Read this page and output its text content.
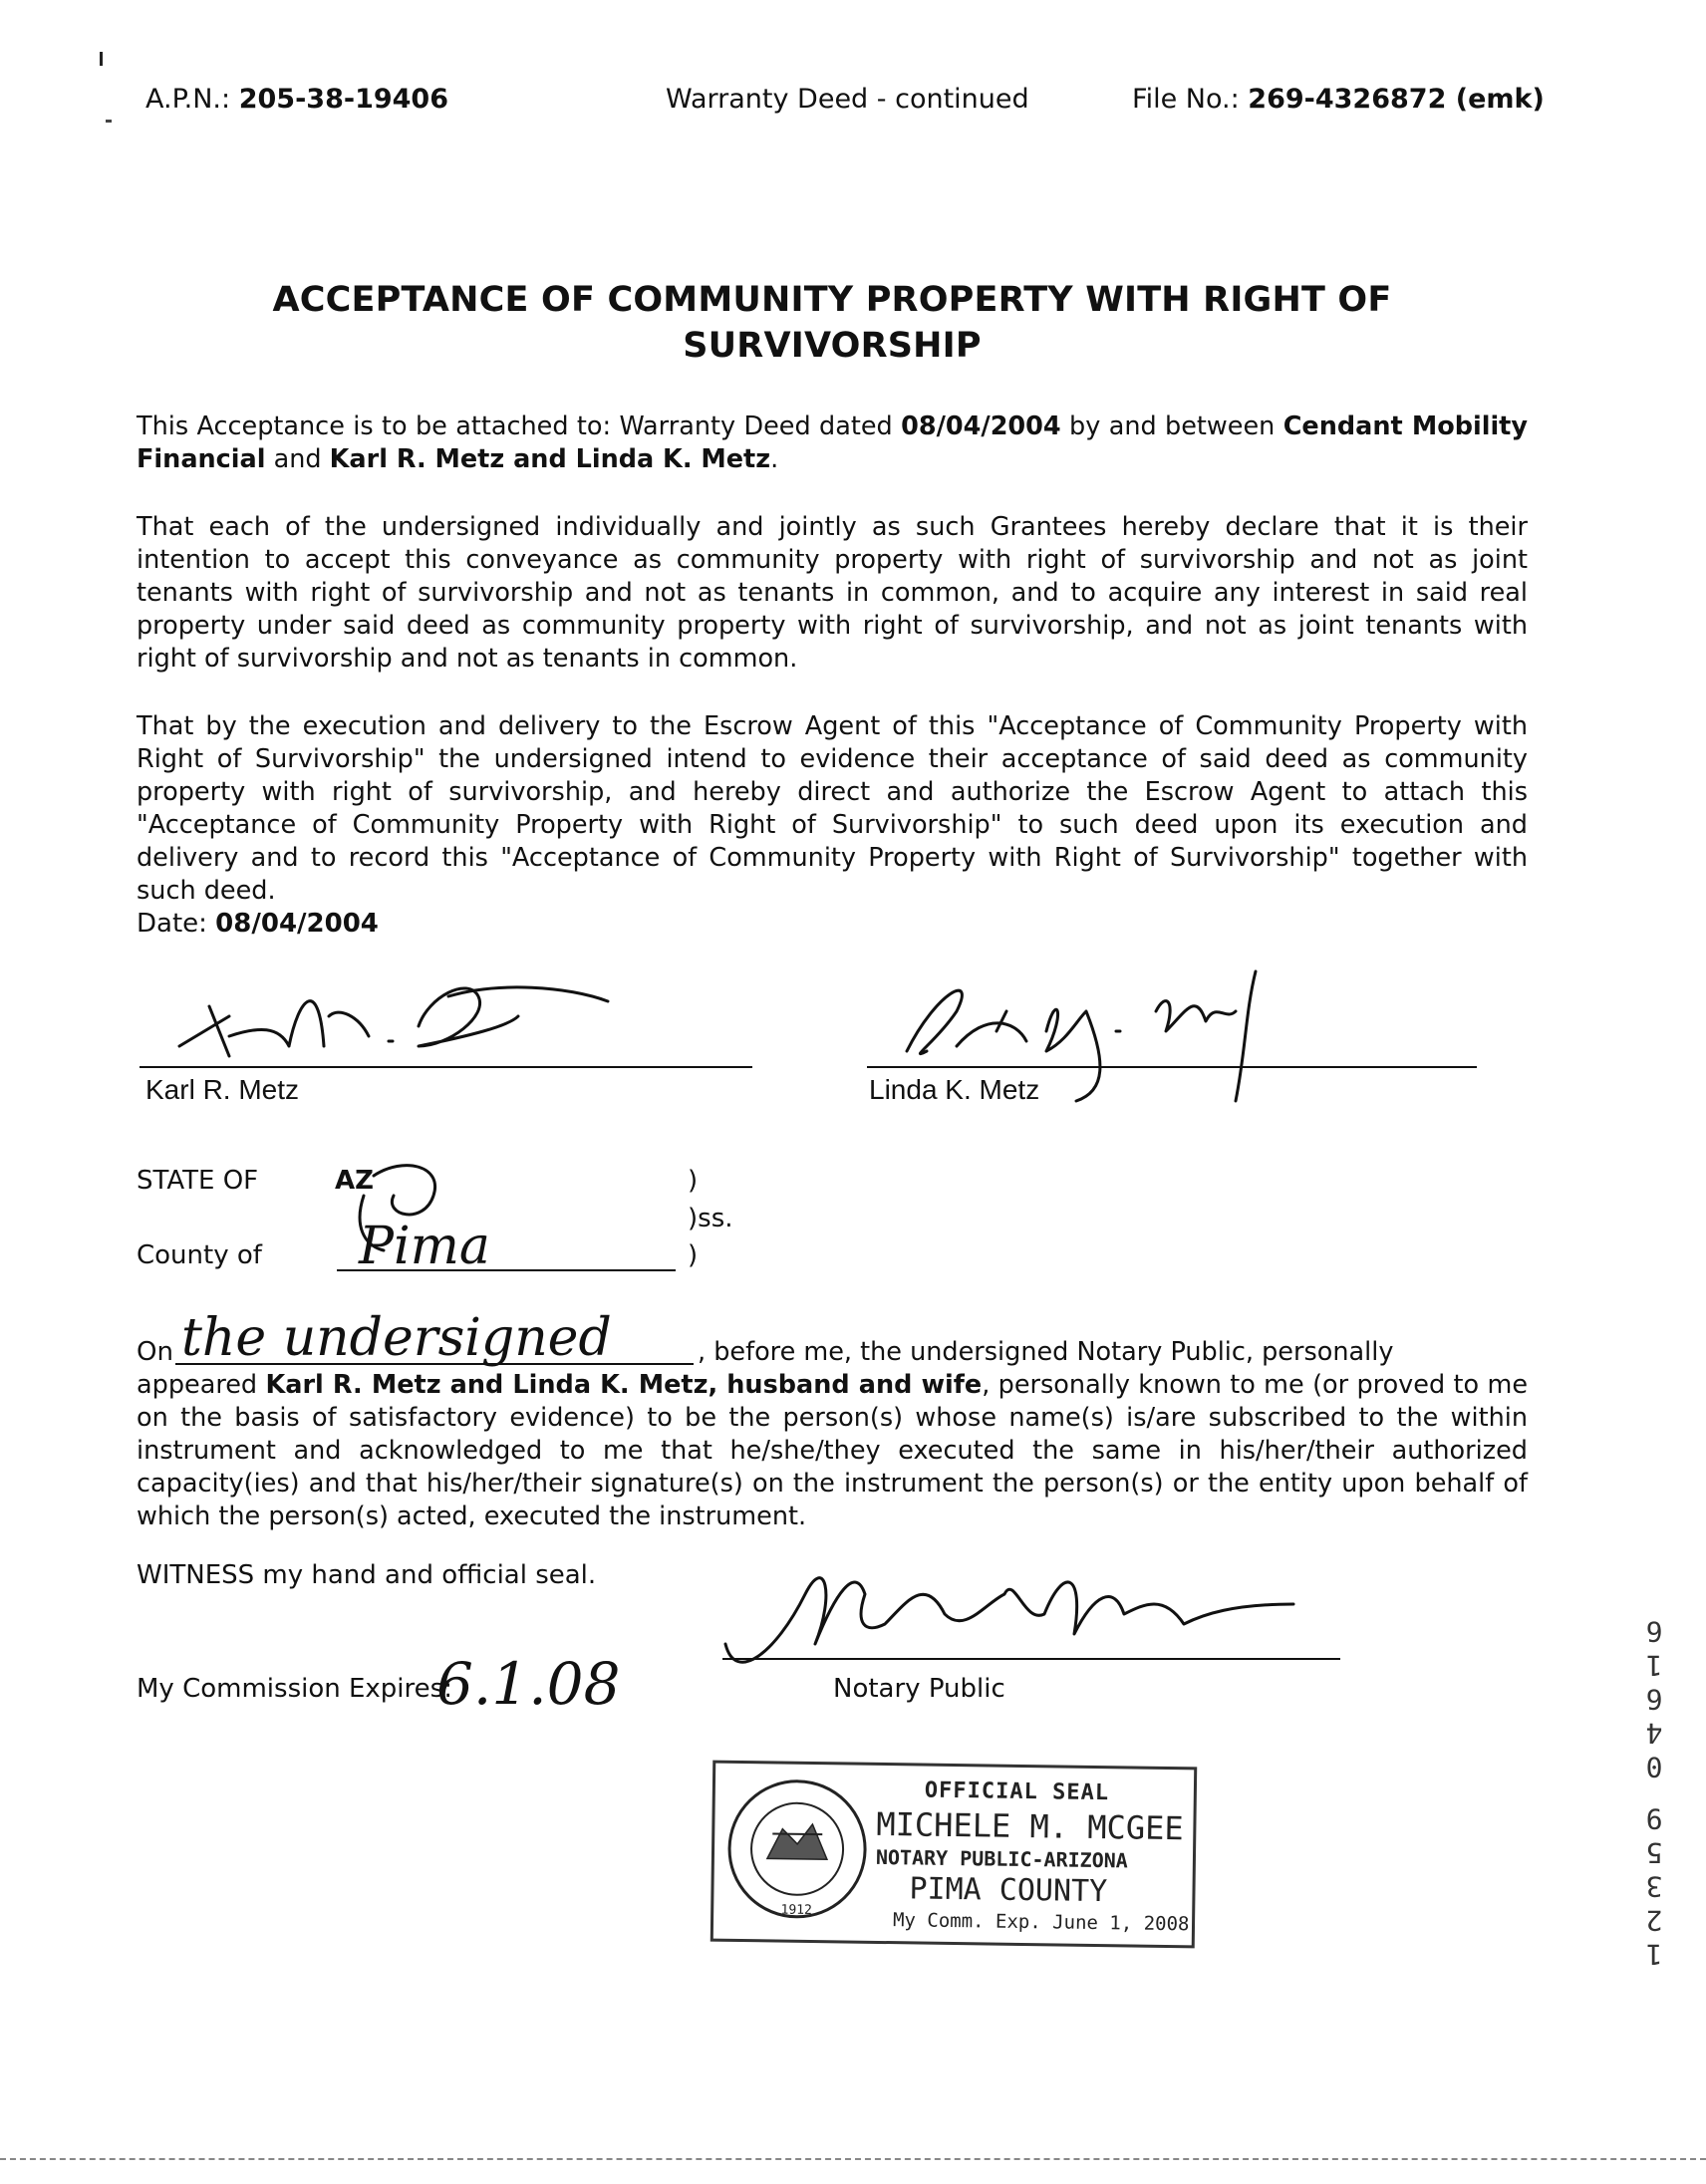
A.P.N.: 205-38-19406	Warranty Deed - continued	File No.: 269-4326872 (emk)
ACCEPTANCE OF COMMUNITY PROPERTY WITH RIGHT OF
SURVIVORSHIP
This Acceptance is to be attached to: Warranty Deed dated 08/04/2004 by and between Cendant Mobility Financial and Karl R. Metz and Linda K. Metz.
That each of the undersigned individually and jointly as such Grantees hereby declare that it is their intention to accept this conveyance as community property with right of survivorship and not as joint tenants with right of survivorship and not as tenants in common, and to acquire any interest in said real property under said deed as community property with right of survivorship, and not as joint tenants with right of survivorship and not as tenants in common.
That by the execution and delivery to the Escrow Agent of this "Acceptance of Community Property with Right of Survivorship" the undersigned intend to evidence their acceptance of said deed as community property with right of survivorship, and hereby direct and authorize the Escrow Agent to attach this "Acceptance of Community Property with Right of Survivorship" to such deed upon its execution and delivery and to record this "Acceptance of Community Property with Right of Survivorship" together with such deed.
Date: 08/04/2004
Karl R. Metz	Linda K. Metz
STATE OF	AZ	)
)ss.
County of Pima	)
On the undersigned	, before me, the undersigned Notary Public, personally
appeared Karl R. Metz and Linda K. Metz, husband and wife, personally known to me (or proved to me on the basis of satisfactory evidence) to be the person(s) whose name(s) is/are subscribed to the within instrument and acknowledged to me that he/she/they executed the same in his/her/their authorized capacity(ies) and that his/her/their signature(s) on the instrument the person(s) or the entity upon behalf of which the person(s) acted, executed the instrument.
WITNESS my hand and official seal.
Notary Public
My Commission Expires:
6.1.08
1912
OFFICIAL SEAL
MICHELE M. MCGEE
NOTARY PUBLIC-ARIZONA
PIMA COUNTY
My Comm. Exp. June 1, 2008
1
2
3
5
9
0
4
6
1
6
